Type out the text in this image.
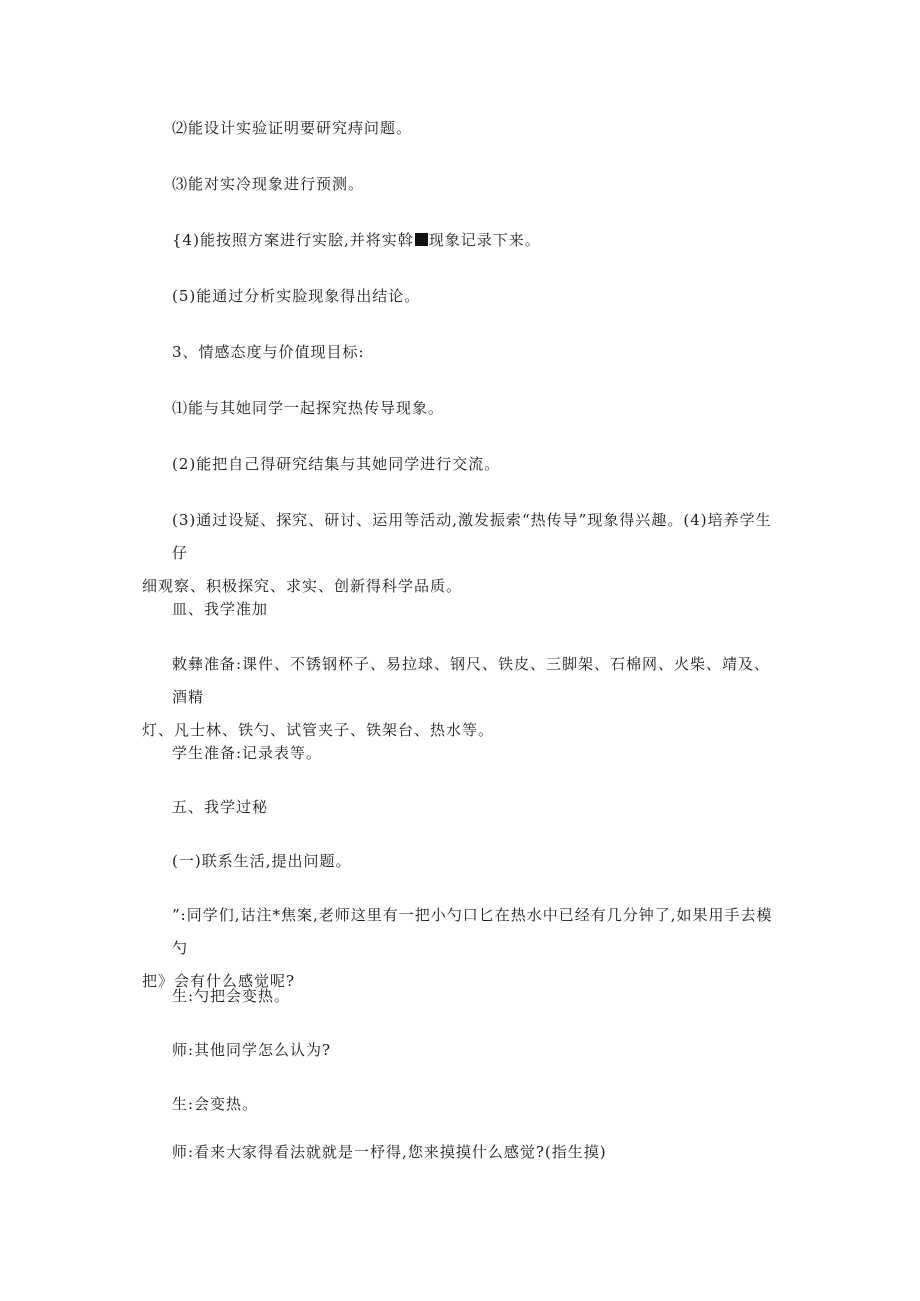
⑵能设计实验证明要研究痔问题。
⑶能对实冷现象进行预测。
{4)能按照方案进行实脍,并将实斡 现象记录下来。
(5)能通过分析实脸现象得出结论。
3、情感态度与价值现目标:
⑴能与其她同学一起探究热传导现象。
(2)能把自己得研究结集与其她同学进行交流。
(3)通过设疑、探究、研讨、运用等活动,激发振索“热传导”现象得兴趣。(4)培养学生仔
细观察、积极探究、求实、创新得科学品质。
皿、我学准加
敕彝准备:课件、不锈钢杯子、易拉球、钢尺、铁皮、三脚架、石棉网、火柴、靖及、酒精
灯、凡士林、铁勺、试管夹子、铁架台、热水等。
学生准备:记录表等。
五、我学过秘
(一)联系生活,提出问题。
”:同学们,诂注*焦案,老师这里有一把小勺口匕在热水中已经有几分钟了,如果用手去模勺
把》会有什么感觉呢?
生:勺把会变热。
师:其他同学怎么认为?
生:会变热。
师:看来大家得看法就就是一杼得,您来摸摸什么感觉?(指生摸)
